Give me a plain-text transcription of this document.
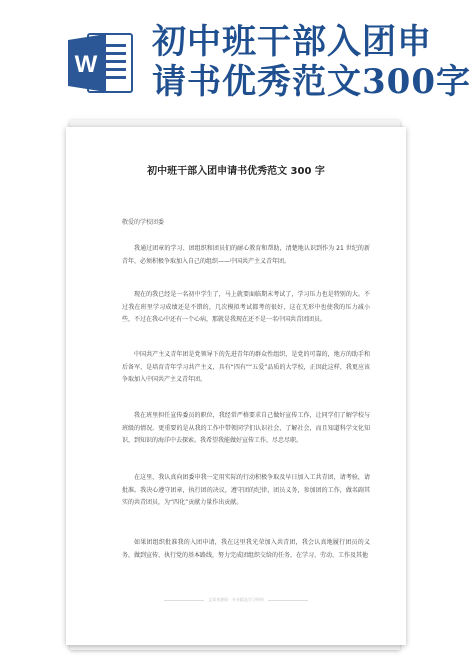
W
初中班干部入团申
请书优秀范文300字
初中班干部入团申请书优秀范文 300 字
敬爱的学校团委

我通过团章的学习、团组织和团员们的耐心教育和帮助，清楚地认识到作为 21 世纪的新青年，必须积极争取加入自己的组织——中国共产主义青年团。

现在的我已经是一名初中学生了，马上就要面临期末考试了，学习压力也是特别的大。不过我在班里学习成绩还是不错的，几次模拟考试都考的很好，这在无形中也使我的压力减小些，不过在我心中还有一个心病，那就是我现在还不是一名中国共青团团员。

中国共产主义青年团是党领导下的先进青年的群众性组织，是党的可靠的，地方的助手和后备军，是培育青年学习共产主义，具有“四有”“五爱”品质的大学校，正因此这样，我更应该争取加入中国共产主义青年团。

我在班里担任宣传委员的职位，我经常严格要求自己做好宣传工作，让同学们了解学校与班级的情况。更重要的是从我的工作中带领同学们认识社会，了解社会，而且知道科学文化知识，到知识的海洋中去探索。我希望我能做好宣传工作，尽忠尽职。

在这里，我认真向团委申我一定用实际的行动积极争取及早日加入工共青团，请考验，请批准。我决心遵守团章，执行团的决议，遵守团的纪律，团员义务，参加团的工作，做名副其实的共青团员，为“四化”贡献力量作出贡献。

如果团组织批准我的入团申请，我在这里我光荣加入共青团，我会认真地履行团员的义务，做到宣传、执行党的基本路线，努力完成团组织交给的任务，在学习、劳动、工作及其他

文章来源网 · 专业精品学习资料
